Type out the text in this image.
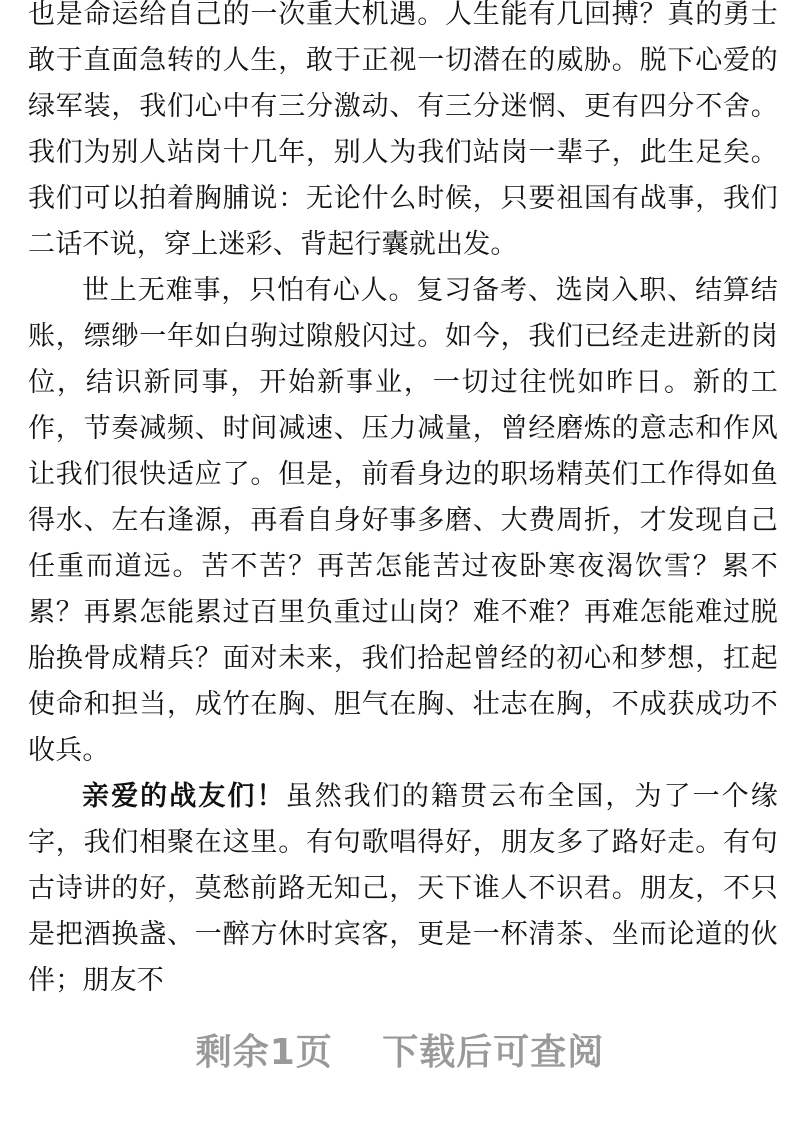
也是命运给自己的一次重大机遇。人生能有几回搏？真的勇士敢于直面急转的人生，敢于正视一切潜在的威胁。脱下心爱的绿军装，我们心中有三分激动、有三分迷惘、更有四分不舍。我们为别人站岗十几年，别人为我们站岗一辈子，此生足矣。我们可以拍着胸脯说：无论什么时候，只要祖国有战事，我们二话不说，穿上迷彩、背起行囊就出发。

世上无难事，只怕有心人。复习备考、选岗入职、结算结账，缥缈一年如白驹过隙般闪过。如今，我们已经走进新的岗位，结识新同事，开始新事业，一切过往恍如昨日。新的工作，节奏减频、时间减速、压力减量，曾经磨炼的意志和作风让我们很快适应了。但是，前看身边的职场精英们工作得如鱼得水、左右逢源，再看自身好事多磨、大费周折，才发现自己任重而道远。苦不苦？再苦怎能苦过夜卧寒夜渴饮雪？累不累？再累怎能累过百里负重过山岗？难不难？再难怎能难过脱胎换骨成精兵？面对未来，我们拾起曾经的初心和梦想，扛起使命和担当，成竹在胸、胆气在胸、壮志在胸，不成获成功不收兵。

亲爱的战友们！虽然我们的籍贯云布全国，为了一个缘字，我们相聚在这里。有句歌唱得好，朋友多了路好走。有句古诗讲的好，莫愁前路无知己，天下谁人不识君。朋友，不只是把酒换盏、一醉方休时宾客，更是一杯清茶、坐而论道的伙伴；朋友不

剩余1页 下载后可查阅
